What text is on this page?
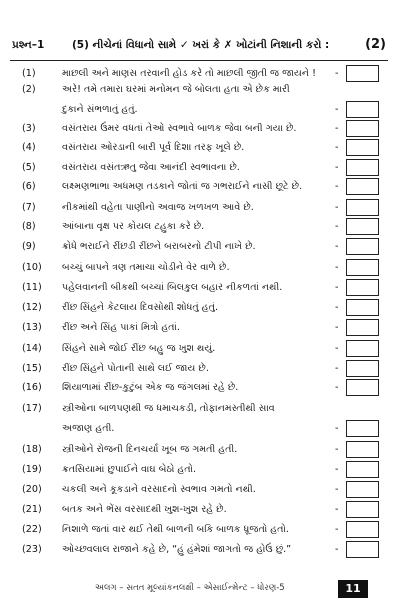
પ્રશ્ન–1	(5) નીચેનાં વિધાનો સામે ✓ ખરાં કે ✗ ખોટાંની નિશાની કરો :	(2)
(1)	માછલી અને માણસ તરવાની હોડ કરે તો માછલી જીતી જ જાયને !	-
(2)	અરે! તમે તમારા ઘરમાં મનોમન જે બોલતા હતા એ છેક મારી
દુકાને સંભળાતું હતું.	-
(3)	વસંતરાય ઉંમર વધતાં તેઓ સ્વભાવે બાળક જેવા બની ગયા છે.	-
(4)	વસંતરાય ઓરડાની બારી પૂર્વ દિશા તરફ ખૂલે છે.	-
(5)	વસંતરાય વસંતઋતુ જેવા આનંદી સ્વભાવના છે.	-
(6)	લક્ષ્મણભાભા અધમણ તડકાને જોતાં જ ગભરાઈને નાસી છૂટે છે.	-
(7)	નીકમાંથી વહેતા પાણીનો અવાજ ખળખળ આવે છે.	-
(8)	આંબાના વૃક્ષ પર કોયલ ટહુકા કરે છે.	-
(9)	ક્રોધે ભરાઈને રીંછડી રીંછને બરાબરનો ટીપી નાખે છે.	-
(10) બચ્ચું બાપને ત્રણ તમાચા ચોડીને વેર વાળે છે.	-
(11) પહેલવાનની બીકથી બચ્ચાં બિલકુલ બહાર નીકળતાં નથી.	-
(12) રીંછ સિંહને કેટલાય દિવસોથી શોધતું હતું.	-
(13) રીંછ અને સિંહ પાકાં મિત્રો હતાં.	-
(14) સિંહને સામે જોઈ રીંછ બહુ જ ખુશ થયું.	-
(15) રીંછ સિંહને પોતાની સાથે લઈ જાય છે.	-
(16) શિયાળામાં રીંછ-કુટુંબ એક જ જંગલમાં રહે છે.	-
(17) સ્ત્રીઓના બાળપણથી જ ધમાચકડી, તોફાનમસ્તીથી સાવ
અજાણ હતી.	-
(18) સ્ત્રીઓને રોજની દિનચર્યા ખૂબ જ ગમતી હતી.	-
(19) ક્રતસિયામાં છુપાઈને વાઘ બેઠો હતો.	-
(20) ચકલી અને કૂકડાને વરસાદનો સ્વભાવ ગમતો નથી.	-
(21) બતક અને ભેંસ વરસાદથી ખુશ-ખુશ રહે છે.	-
(22) નિશાળે જતાં વાર થઈ તેથી બાળની બકિ બાળક ધ્રૂજતો હતો.	-
(23) ઓચ્છવલાલ રાજાને કહે છે, “હું હંમેશાં જાગતો જ હોઉં છું.”	-
અલગ – સતત મૂલ્યાંકનલક્ષી – એસાઈન્મેન્ટ – ધોરણ-5	11
